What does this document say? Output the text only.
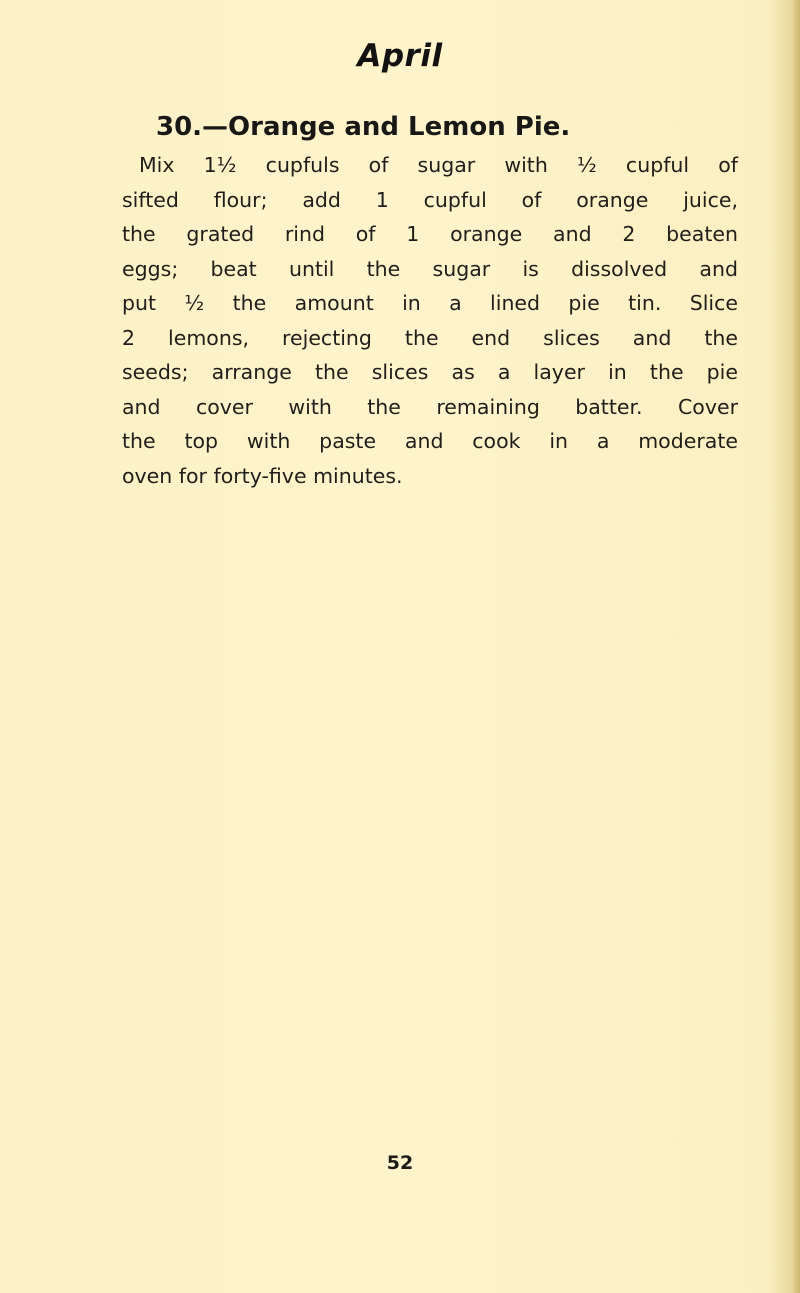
April
30.—Orange and Lemon Pie.
Mix 1½ cupfuls of sugar with ½ cupful of
sifted flour; add 1 cupful of orange juice,
the grated rind of 1 orange and 2 beaten
eggs; beat until the sugar is dissolved and
put ½ the amount in a lined pie tin. Slice
2 lemons, rejecting the end slices and the
seeds; arrange the slices as a layer in the pie
and cover with the remaining batter. Cover
the top with paste and cook in a moderate
oven for forty-five minutes.
52
